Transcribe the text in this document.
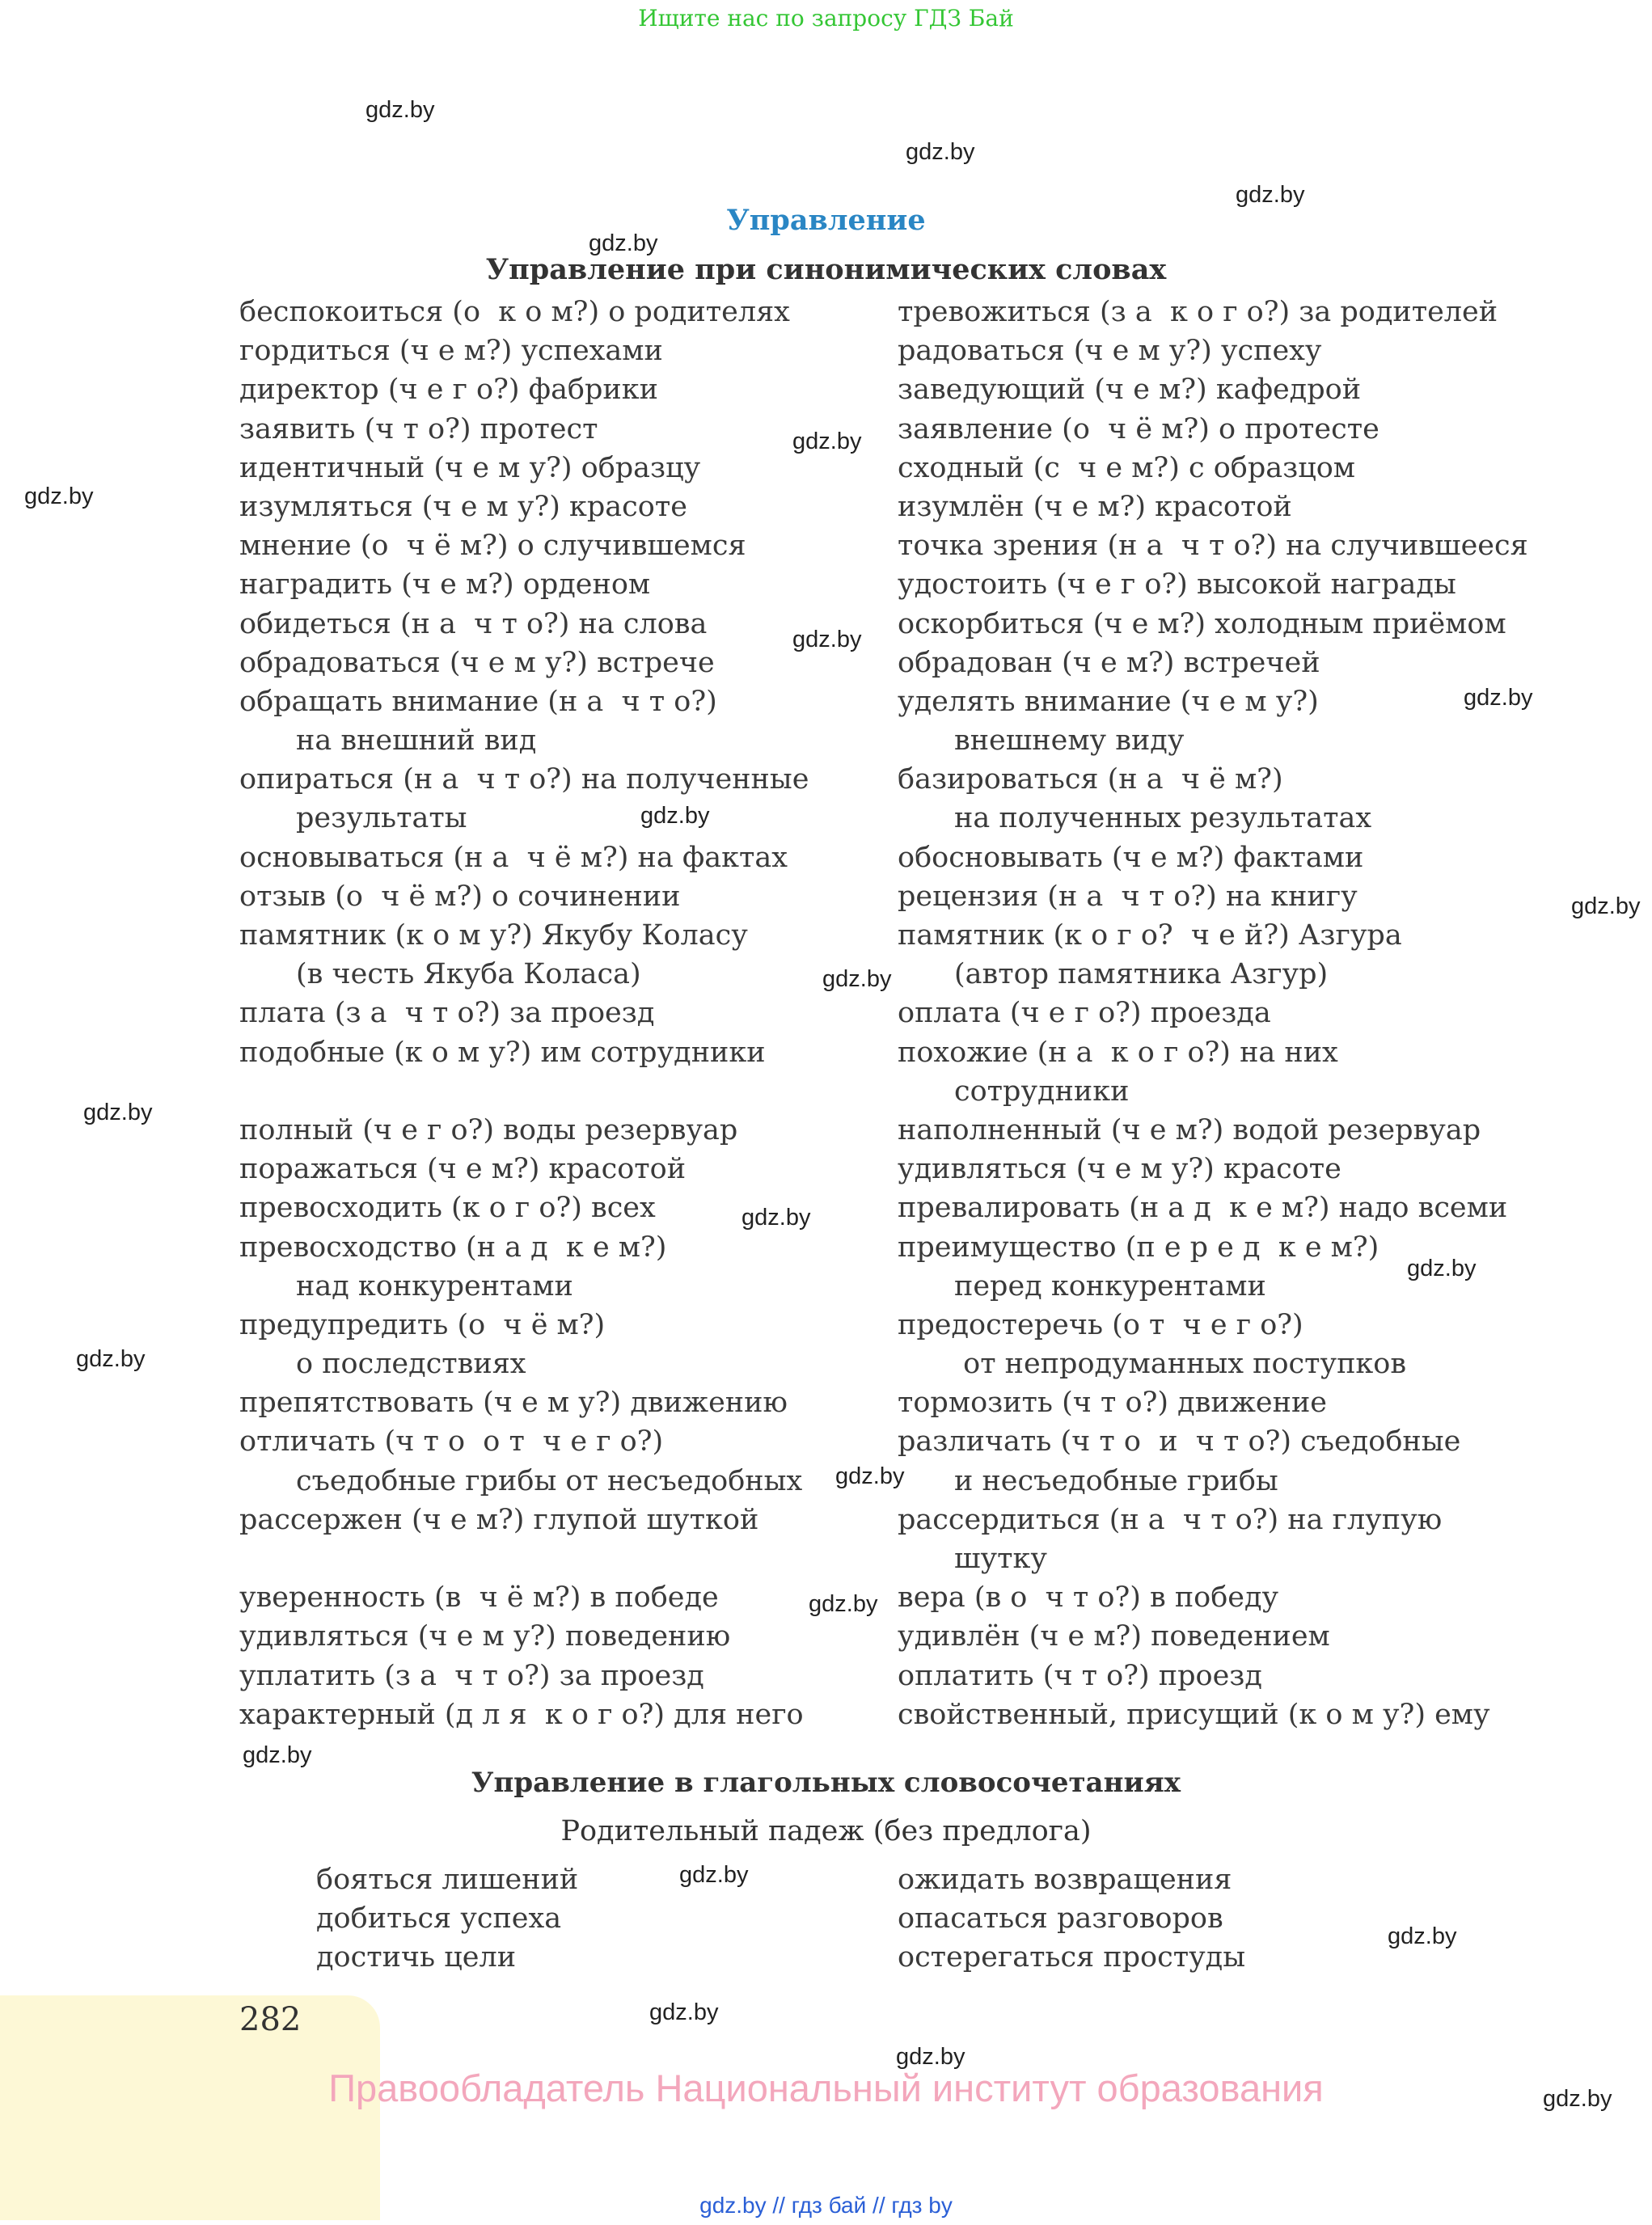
Ищите нас по запросу ГДЗ Бай
gdz.by
gdz.by
gdz.by
gdz.by
gdz.by
gdz.by
gdz.by
gdz.by
gdz.by
gdz.by
gdz.by
gdz.by
gdz.by
gdz.by
gdz.by
gdz.by
gdz.by
gdz.by
gdz.by
gdz.by
gdz.by
gdz.by
gdz.by
Управление
Управление при синонимических словах
беспокоиться (о  к о м?) о родителях
гордиться (ч е м?) успехами
директор (ч е г о?) фабрики
заявить (ч т о?) протест
идентичный (ч е м у?) образцу
изумляться (ч е м у?) красоте
мнение (о  ч ё м?) о случившемся
наградить (ч е м?) орденом
обидеться (н а  ч т о?) на слова
обрадоваться (ч е м у?) встрече
обращать внимание (н а  ч т о?)
на внешний вид
опираться (н а  ч т о?) на полученные
результаты
основываться (н а  ч ё м?) на фактах
отзыв (о  ч ё м?) о сочинении
памятник (к о м у?) Якубу Коласу
(в честь Якуба Коласа)
плата (з а  ч т о?) за проезд
подобные (к о м у?) им сотрудники
полный (ч е г о?) воды резервуар
поражаться (ч е м?) красотой
превосходить (к о г о?) всех
превосходство (н а д  к е м?)
над конкурентами
предупредить (о  ч ё м?)
о последствиях
препятствовать (ч е м у?) движению
отличать (ч т о  о т  ч е г о?)
съедобные грибы от несъедобных
рассержен (ч е м?) глупой шуткой
уверенность (в  ч ё м?) в победе
удивляться (ч е м у?) поведению
уплатить (з а  ч т о?) за проезд
характерный (д л я  к о г о?) для него
тревожиться (з а  к о г о?) за родителей
радоваться (ч е м у?) успеху
заведующий (ч е м?) кафедрой
заявление (о  ч ё м?) о протесте
сходный (с  ч е м?) с образцом
изумлён (ч е м?) красотой
точка зрения (н а  ч т о?) на случившееся
удостоить (ч е г о?) высокой награды
оскорбиться (ч е м?) холодным приёмом
обрадован (ч е м?) встречей
уделять внимание (ч е м у?)
внешнему виду
базироваться (н а  ч ё м?)
на полученных результатах
обосновывать (ч е м?) фактами
рецензия (н а  ч т о?) на книгу
памятник (к о г о?  ч е й?) Азгура
(автор памятника Азгур)
оплата (ч е г о?) проезда
похожие (н а  к о г о?) на них
сотрудники
наполненный (ч е м?) водой резервуар
удивляться (ч е м у?) красоте
превалировать (н а д  к е м?) надо всеми
преимущество (п е р е д  к е м?)
перед конкурентами
предостеречь (о т  ч е г о?)
от непродуманных поступков
тормозить (ч т о?) движение
различать (ч т о  и  ч т о?) съедобные
и несъедобные грибы
рассердиться (н а  ч т о?) на глупую
шутку
вера (в о  ч т о?) в победу
удивлён (ч е м?) поведением
оплатить (ч т о?) проезд
свойственный, присущий (к о м у?) ему
Управление в глагольных словосочетаниях
Родительный падеж (без предлога)
бояться лишений
добиться успеха
достичь цели
ожидать возвращения
опасаться разговоров
остерегаться простуды
282
Правообладатель Национальный институт образования
gdz.by // гдз бай // гдз by
